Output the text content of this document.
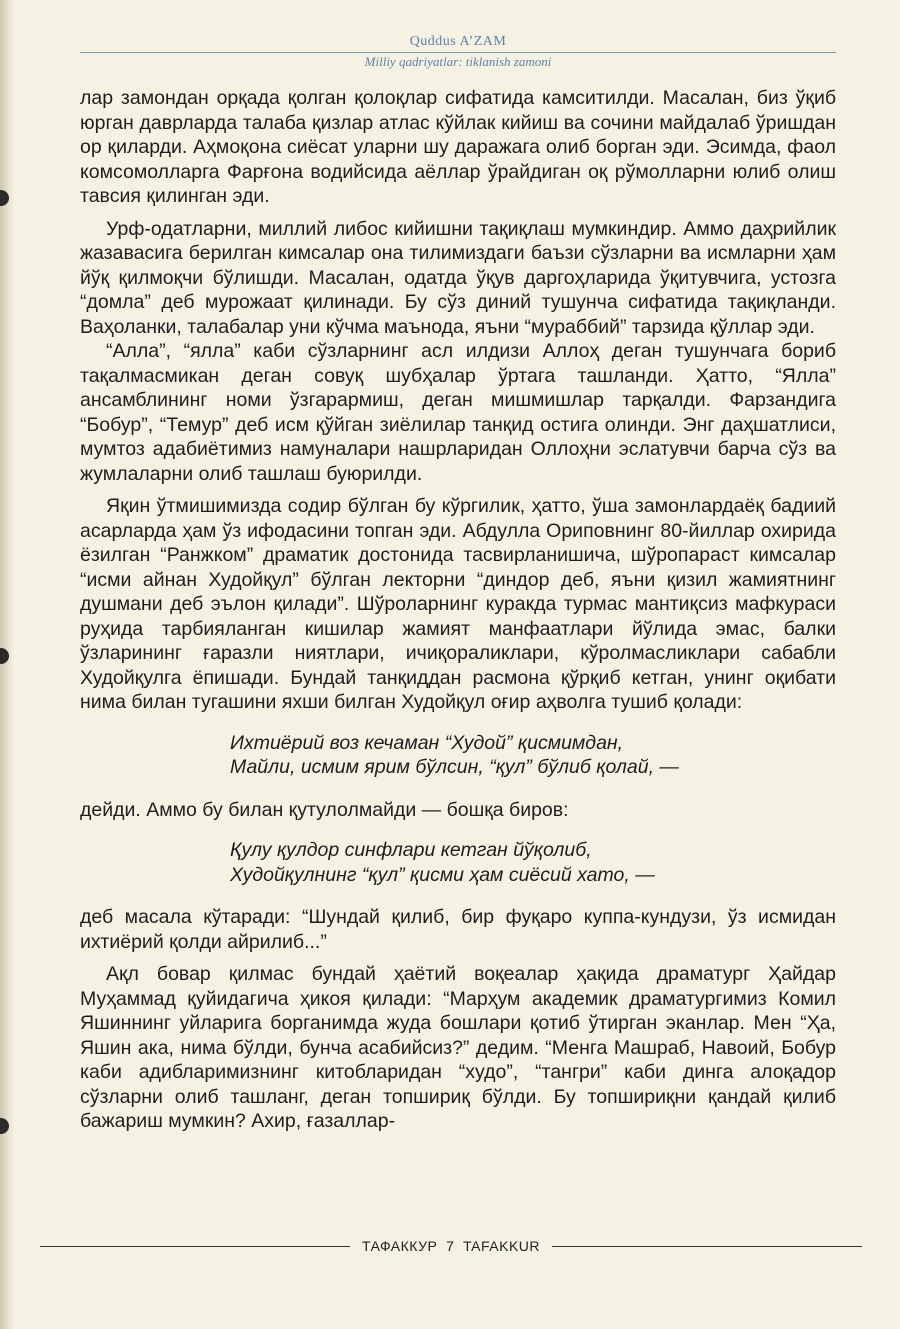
Quddus A’ZAM
Milliy qadriyatlar: tiklanish zamoni

лар замондан орқада қолган қолоқлар сифатида камситилди. Масалан, биз ўқиб юрган даврларда талаба қизлар атлас кўйлак кийиш ва сочини майдалаб ўришдан ор қиларди. Аҳмоқона сиёсат уларни шу даражага олиб борган эди. Эсимда, фаол комсомолларга Фарғона водийсида аёллар ўрайдиган оқ рўмолларни юлиб олиш тавсия қилинган эди.

Урф-одатларни, миллий либос кийишни тақиқлаш мумкиндир. Аммо даҳрийлик жазавасига берилган кимсалар она тилимиздаги баъзи сўзларни ва исмларни ҳам йўқ қилмоқчи бўлишди. Масалан, одатда ўқув даргоҳларида ўқитувчига, устозга “домла” деб мурожаат қилинади. Бу сўз диний тушунча сифатида тақиқланди. Ваҳоланки, талабалар уни кўчма маънода, яъни “мураббий” тарзида қўллар эди.

“Алла”, “ялла” каби сўзларнинг асл илдизи Аллоҳ деган тушунчага бориб тақалмасмикан деган совуқ шубҳалар ўртага ташланди. Ҳатто, “Ялла” ансамблининг номи ўзгарармиш, деган мишмишлар тарқалди. Фарзандига “Бобур”, “Темур” деб исм қўйган зиёлилар танқид остига олинди. Энг даҳшатлиси, мумтоз адабиётимиз намуналари нашрларидан Оллоҳни эслатувчи барча сўз ва жумлаларни олиб ташлаш буюрилди.

Яқин ўтмишимизда содир бўлган бу кўргилик, ҳатто, ўша замонлардаёқ бадиий асарларда ҳам ўз ифодасини топган эди. Абдулла Ориповнинг 80-йиллар охирида ёзилган “Ранжком” драматик достонида тасвирланишича, шўропараст кимсалар “исми айнан Худойқул” бўлган лекторни “диндор деб, яъни қизил жамиятнинг душмани деб эълон қилади”. Шўроларнинг куракда турмас мантиқсиз мафкураси руҳида тарбияланган кишилар жамият манфаатлари йўлида эмас, балки ўзларининг ғаразли ниятлари, ичиқораликлари, кўролмасликлари сабабли Худойқулга ёпишади. Бундай танқиддан расмона қўрқиб кетган, унинг оқибати нима билан тугашини яхши билган Худойқул оғир аҳволга тушиб қолади:

Ихтиёрий воз кечаман “Худой” қисмимдан,
Майли, исмим ярим бўлсин, “қул” бўлиб қолай, —

дейди. Аммо бу билан қутулолмайди — бошқа биров:

Қулу қулдор синфлари кетган йўқолиб,
Худойқулнинг “қул” қисми ҳам сиёсий хато, —

деб масала кўтаради: “Шундай қилиб, бир фуқаро куппа-кундузи, ўз исмидан ихтиёрий қолди айрилиб...”

Ақл бовар қилмас бундай ҳаётий воқеалар ҳақида драматург Ҳайдар Муҳаммад қуйидагича ҳикоя қилади: “Марҳум академик драматургимиз Комил Яшиннинг уйларига борганимда жуда бошлари қотиб ўтирган эканлар. Мен “Ҳа, Яшин ака, нима бўлди, бунча асабийсиз?” дедим. “Менга Машраб, Навоий, Бобур каби адибларимизнинг китобларидан “худо”, “тангри” каби динга алоқадор сўзларни олиб ташланг, деган топшириқ бўлди. Бу топшириқни қандай қилиб бажариш мумкин? Ахир, ғазаллар-

ТАФАККУР  7  TAFAKKUR
